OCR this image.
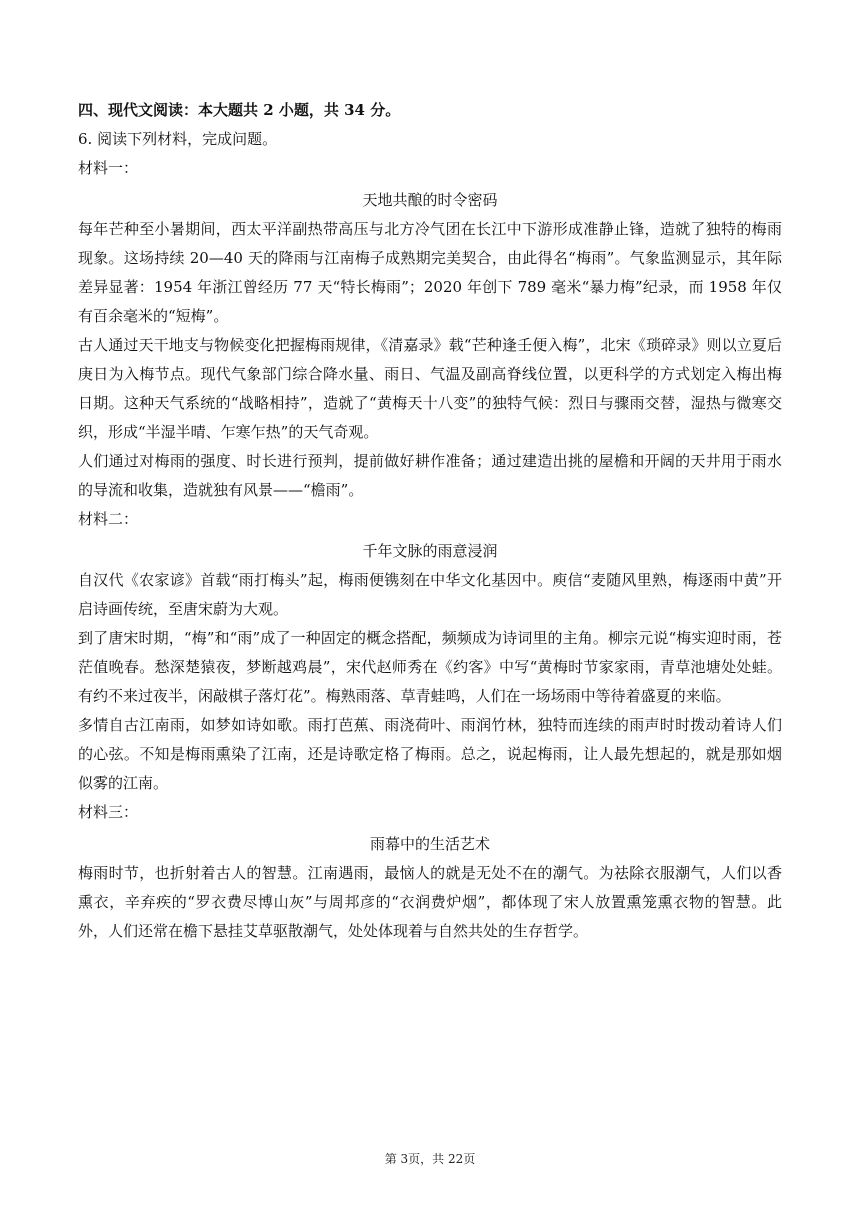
四、现代文阅读：本大题共 2 小题，共 34 分。
6. 阅读下列材料，完成问题。
材料一：
天地共酿的时令密码

每年芒种至小暑期间，西太平洋副热带高压与北方冷气团在长江中下游形成准静止锋，造就了独特的梅雨现象。这场持续 20—40 天的降雨与江南梅子成熟期完美契合，由此得名“梅雨”。气象监测显示，其年际差异显著：1954 年浙江曾经历 77 天“特长梅雨”；2020 年创下 789 毫米“暴力梅”纪录，而 1958 年仅有百余毫米的“短梅”。

古人通过天干地支与物候变化把握梅雨规律，《清嘉录》载“芒种逢壬便入梅”，北宋《琐碎录》则以立夏后庚日为入梅节点。现代气象部门综合降水量、雨日、气温及副高脊线位置，以更科学的方式划定入梅出梅日期。这种天气系统的“战略相持”，造就了“黄梅天十八变”的独特气候：烈日与骤雨交替，湿热与微寒交织，形成“半湿半晴、乍寒乍热”的天气奇观。

人们通过对梅雨的强度、时长进行预判，提前做好耕作准备；通过建造出挑的屋檐和开阔的天井用于雨水的导流和收集，造就独有风景——“檐雨”。

材料二：
千年文脉的雨意浸润

自汉代《农家谚》首载“雨打梅头”起，梅雨便镌刻在中华文化基因中。庾信“麦随风里熟，梅逐雨中黄”开启诗画传统，至唐宋蔚为大观。

到了唐宋时期，“梅”和“雨”成了一种固定的概念搭配，频频成为诗词里的主角。柳宗元说“梅实迎时雨，苍茫值晚春。愁深楚猿夜，梦断越鸡晨”，宋代赵师秀在《约客》中写“黄梅时节家家雨，青草池塘处处蛙。有约不来过夜半，闲敲棋子落灯花”。梅熟雨落、草青蛙鸣，人们在一场场雨中等待着盛夏的来临。

多情自古江南雨，如梦如诗如歌。雨打芭蕉、雨浇荷叶、雨润竹林，独特而连续的雨声时时拨动着诗人们的心弦。不知是梅雨熏染了江南，还是诗歌定格了梅雨。总之，说起梅雨，让人最先想起的，就是那如烟似雾的江南。

材料三：
雨幕中的生活艺术

梅雨时节，也折射着古人的智慧。江南遇雨，最恼人的就是无处不在的潮气。为祛除衣服潮气，人们以香熏衣，辛弃疾的“罗衣费尽博山灰”与周邦彦的“衣润费炉烟”，都体现了宋人放置熏笼熏衣物的智慧。此外，人们还常在檐下悬挂艾草驱散潮气，处处体现着与自然共处的生存哲学。

第 3页，共 22页
